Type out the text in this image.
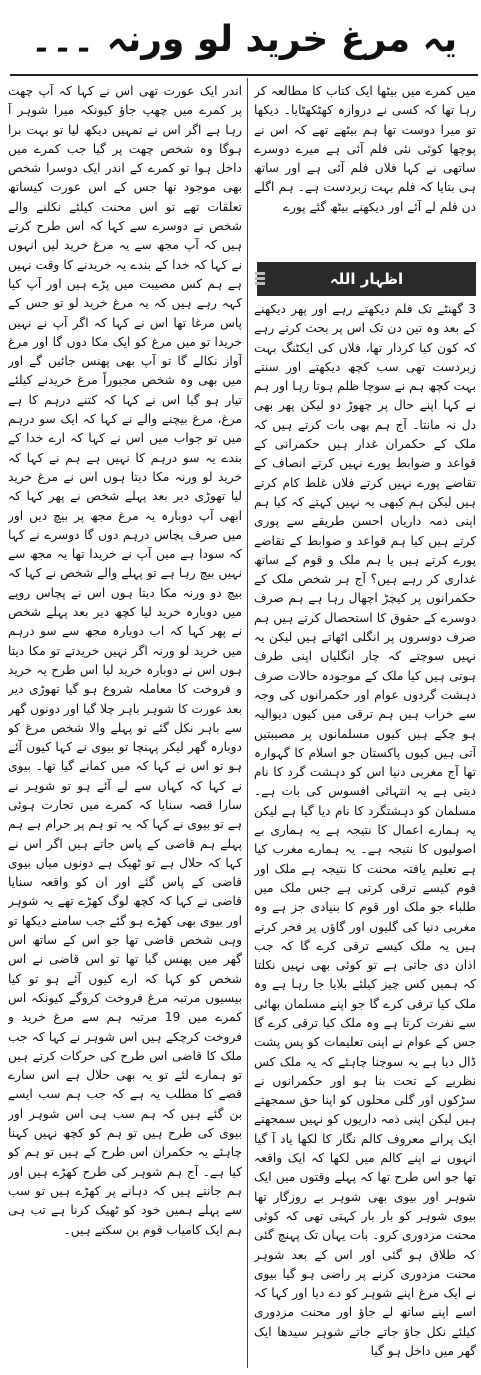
یہ مرغ خرید لو ورنہ ۔۔۔

میں کمرے میں بیٹھا ایک کتاب کا مطالعہ کر رہا تھا کہ کسی نے دروازہ کھٹکھٹایا۔ دیکھا تو میرا دوست تھا ہم بیٹھے تھے کہ اس نے پوچھا کوئی نئی فلم آئی ہے میرے دوسرے ساتھی نے کہا فلاں فلم آئی ہے اور ساتھ ہی بتایا کہ فلم بہت زبردست ہے۔ ہم اگلے دن فلم لے آئے اور دیکھنے بیٹھ گئے پورے

اظہار اللہ

3 گھنٹے تک فلم دیکھتے رہے اور پھر دیکھنے کے بعد وہ تین دن تک اس پر بحث کرتے رہے کہ کون کیا کردار تھا، فلاں کی ایکٹنگ بہت زبردست تھی سب کچھ دیکھتے اور سنتے بہت کچھ ہم نے سوچا ظلم ہوتا رہا اور ہم نے کہا اپنے حال پر چھوڑ دو لیکن پھر بھی دل نہ مانتا۔ آج ہم بھی بات کرتے ہیں کہ ملک کے حکمران غدار ہیں حکمرانی کے قواعد و ضوابط پورے نہیں کرتے انصاف کے تقاضے پورے نہیں کرتے فلاں غلط کام کرتے ہیں لیکن ہم کبھی یہ نہیں کہتے کہ کیا ہم اپنی ذمہ داریاں احسن طریقے سے پوری کرتے ہیں کیا ہم قواعد و ضوابط کے تقاضے پورے کرتے ہیں یا ہم ملک و قوم کے ساتھ غداری کر رہے ہیں؟ آج ہر شخص ملک کے حکمرانوں پر کیچڑ اچھال رہا ہے ہم صرف دوسرے کے حقوق کا استحصال کرتے ہیں ہم صرف دوسروں پر انگلی اٹھاتے ہیں لیکن یہ نہیں سوچتے کہ چار انگلیاں اپنی طرف ہوتی ہیں کیا ملک کے موجودہ حالات صرف دہشت گردوں عوام اور حکمرانوں کی وجہ سے خراب ہیں ہم ترقی میں کیوں دیوالیہ ہو چکے ہیں کیوں مسلمانوں پر مصیبتیں آتی ہیں کیوں پاکستان جو اسلام کا گہوارہ تھا آج مغربی دنیا اس کو دہشت گرد کا نام دیتی ہے یہ انتہائی افسوس کی بات ہے۔ مسلمان کو دہشتگرد کا نام دیا گیا ہے لیکن یہ ہمارے اعمال کا نتیجہ ہے یہ ہماری بے اصولیوں کا نتیجہ ہے۔ یہ ہمارے مغرب کیا ہے تعلیم یافتہ محنت کا نتیجہ ہے ملک اور قوم کیسے ترقی کرتی ہے جس ملک میں طلباء جو ملک اور قوم کا بنیادی جز ہے وہ مغربی دنیا کی گلیوں اور گاؤں پر فخر کرتے ہیں یہ ملک کیسے ترقی کرے گا کہ جب اذان دی جاتی ہے تو کوئی بھی نہیں نکلتا کہ ہمیں کس چیز کیلئے بلایا جا رہا ہے وہ ملک کیا ترقی کرے گا جو اپنے مسلمان بھائی سے نفرت کرتا ہے وہ ملک کیا ترقی کرے گا جس کے عوام نے اپنی تعلیمات کو پس پشت ڈال دیا ہے یہ سوچنا چاہئے کہ یہ ملک کس نظریے کے تحت بنا ہو اور حکمرانوں نے سڑکوں اور گلی محلوں کو اپنا حق سمجھتے ہیں لیکن اپنی ذمہ داریوں کو نہیں سمجھتے ایک پرانے معروف کالم نگار کا لکھا یاد آ گیا انہوں نے اپنے کالم میں لکھا کہ ایک واقعہ تھا جو اس طرح تھا کہ پہلے وقتوں میں ایک شوہر اور بیوی بھی شوہر بے روزگار تھا بیوی شوہر کو بار بار کہتی تھی کہ کوئی محنت مزدوری کرو۔ بات یہاں تک پہنچ گئی کہ طلاق ہو گئی اور اس کے بعد شوہر محنت مزدوری کرنے پر راضی ہو گیا بیوی نے ایک مرغ اپنے شوہر کو دے دیا اور کہا کہ اسے اپنے ساتھ لے جاؤ اور محنت مزدوری کیلئے نکل جاؤ جاتے جاتے شوہر سیدھا ایک گھر میں داخل ہو گیا

اندر ایک عورت تھی اس نے کہا کہ آپ چھت پر کمرے میں چھپ جاؤ کیونکہ میرا شوہر آ رہا ہے اگر اس نے تمہیں دیکھ لیا تو بہت برا ہوگا وہ شخص چھت پر گیا جب کمرے میں داخل ہوا تو کمرے کے اندر ایک دوسرا شخص بھی موجود تھا جس کے اس عورت کیساتھ تعلقات تھے تو اس محنت کیلئے نکلنے والے شخص نے دوسرے سے کہا کہ اس طرح کرتے ہیں کہ آپ مجھ سے یہ مرغ خرید لیں انہوں نے کہا کہ خدا کے بندے یہ خریدنے کا وقت نہیں ہے ہم کس مصیبت میں پڑے ہیں اور آپ کیا کہہ رہے ہیں کہ یہ مرغ خرید لو تو جس کے پاس مرغا تھا اس نے کہا کہ اگر آپ نے نہیں خریدا تو میں مرغ کو ایک مکا دوں گا اور مرغ آواز نکالے گا تو آپ بھی پھنس جائیں گے اور میں بھی وہ شخص مجبوراً مرغ خریدنے کیلئے تیار ہو گیا اس نے کہا کہ کتنے درہم کا ہے مرغ، مرغ بیچنے والے نے کہا کہ ایک سو درہم میں تو جواب میں اس نے کہا کہ ارے خدا کے بندے یہ سو درہم کا نہیں ہے ہم نے کہا کہ خرید لو ورنہ مکا دیتا ہوں اس نے مرغ خرید لیا تھوڑی دیر بعد پہلے شخص نے پھر کہا کہ ابھی آپ دوبارہ یہ مرغ مجھ پر بیچ دیں اور میں صرف پچاس درہم دوں گا دوسرے نے کہا کہ سودا ہے میں آپ نے خریدا تھا یہ مجھ سے نہیں بیچ رہا ہے تو پہلے والے شخص نے کہا کہ بیچ دو ورنہ مکا دیتا ہوں اس نے پچاس روپے میں دوبارہ خرید لیا کچھ دیر بعد پہلے شخص نے پھر کہا کہ اب دوبارہ مجھ سے سو درہم میں خرید لو ورنہ اگر نہیں خریدتے تو مکا دیتا ہوں اس نے دوبارہ خرید لیا اس طرح یہ خرید و فروخت کا معاملہ شروع ہو گیا تھوڑی دیر بعد عورت کا شوہر باہر چلا گیا اور دونوں گھر سے باہر نکل گئے تو پہلے والا شخص مرغ کو دوبارہ گھر لیکر پہنچا تو بیوی نے کہا کیوں آئے ہو تو اس نے کہا کہ میں کمانے گیا تھا۔ بیوی نے کہا کہ کہاں سے لے آئے ہو تو شوہر نے سارا قصہ سنایا کہ کمرے میں تجارت ہوئی ہے تو بیوی نے کہا کہ یہ تو ہم پر حرام ہے ہم پہلے ہم قاضی کے پاس جاتے ہیں اگر اس نے کہا کہ حلال ہے تو ٹھیک ہے دونوں میاں بیوی قاضی کے پاس گئے اور ان کو واقعہ سنایا قاضی نے کہا کہ کچھ لوگ کھڑے تھے یہ شوہر اور بیوی بھی کھڑے ہو گئے جب سامنے دیکھا تو وہی شخص قاضی تھا جو اس کے ساتھ اس گھر میں پھنس گیا تھا تو اس قاضی نے اس شخص کو کہا کہ ارے کیوں آئے ہو تو کیا بیسیوں مرتبہ مرغ فروخت کروگے کیونکہ اس کمرے میں 19 مرتبہ ہم سے مرغ خرید و فروخت کرچکے ہیں اس شوہر نے کہا کہ جب ملک کا قاضی اس طرح کی حرکات کرتے ہیں تو ہمارے لئے تو یہ بھی حلال ہے اس سارے قصے کا مطلب یہ ہے کہ جب ہم سب ایسے بن گئے ہیں کہ ہم سب ہی اس شوہر اور بیوی کی طرح ہیں تو ہم کو کچھ نہیں کہنا چاہئے یہ حکمران اس طرح کے ہیں تو ہم کو کیا ہے۔ آج ہم شوہر کی طرح کھڑے ہیں اور ہم جانتے ہیں کہ دہانے پر کھڑے ہیں تو سب سے پہلے ہمیں خود کو ٹھیک کرنا ہے تب ہی ہم ایک کامیاب قوم بن سکتے ہیں۔
